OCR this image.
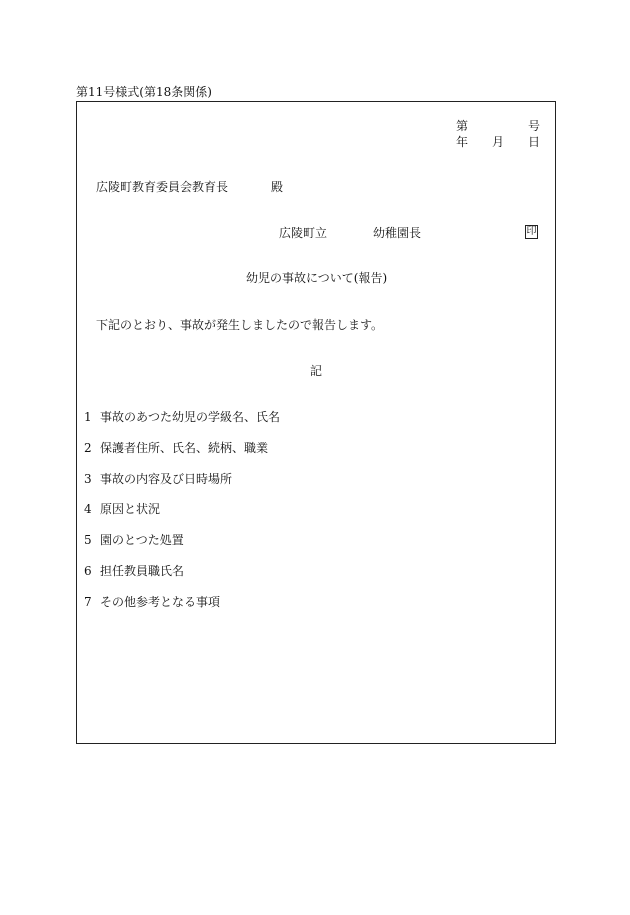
第11号様式(第18条関係)
第	号
年 月 日
広陵町教育委員会教育長	殿
広陵町立	幼稚園長	印
幼児の事故について(報告)
下記のとおり、事故が発生しましたので報告します。
記
1 事故のあつた幼児の学級名、氏名
2 保護者住所、氏名、続柄、職業
3 事故の内容及び日時場所
4 原因と状況
5 園のとつた処置
6 担任教員職氏名
7 その他参考となる事項
